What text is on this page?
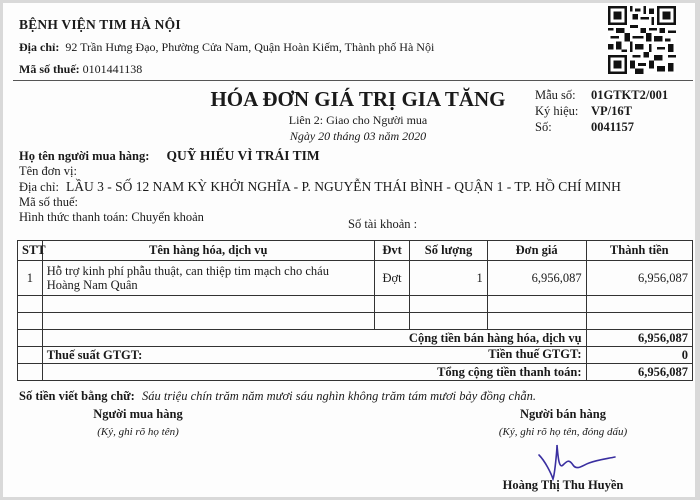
BỆNH VIỆN TIM HÀ NỘI
Địa chỉ: 92 Trần Hưng Đạo, Phường Cửa Nam, Quận Hoàn Kiếm, Thành phố Hà Nội
Mã số thuế: 0101441138
HÓA ĐƠN GIÁ TRỊ GIA TĂNG
Liên 2: Giao cho Người mua
Ngày 20 tháng 03 năm 2020
Mẫu số:	01GTKT2/001
Ký hiệu:	VP/16T
Số:	0041157
Họ tên người mua hàng: QUỸ HIẾU VÌ TRÁI TIM
Tên đơn vị:
Địa chỉ: LẦU 3 - SỐ 12 NAM KỲ KHỞI NGHĨA - P. NGUYỄN THÁI BÌNH - QUẬN 1 - TP. HỒ CHÍ MINH
Mã số thuế:
Hình thức thanh toán: Chuyển khoản	Số tài khoản :
STT	Tên hàng hóa, dịch vụ	Đvt	Số lượng	Đơn giá	Thành tiền
1	Hỗ trợ kinh phí phẫu thuật, can thiệp tim mạch cho cháu
Hoàng Nam Quân	Đợt	1	6,956,087	6,956,087

	Cộng tiền bán hàng hóa, dịch vụ				6,956,087
	Thuế suất GTGT: Tiền thuế GTGT:				0
	Tổng cộng tiền thanh toán:				6,956,087
Số tiền viết bằng chữ: Sáu triệu chín trăm năm mươi sáu nghìn không trăm tám mươi bảy đồng chẵn.
Người mua hàng
(Ký, ghi rõ họ tên)
Người bán hàng
(Ký, ghi rõ họ tên, đóng dấu)
Hoàng Thị Thu Huyền
